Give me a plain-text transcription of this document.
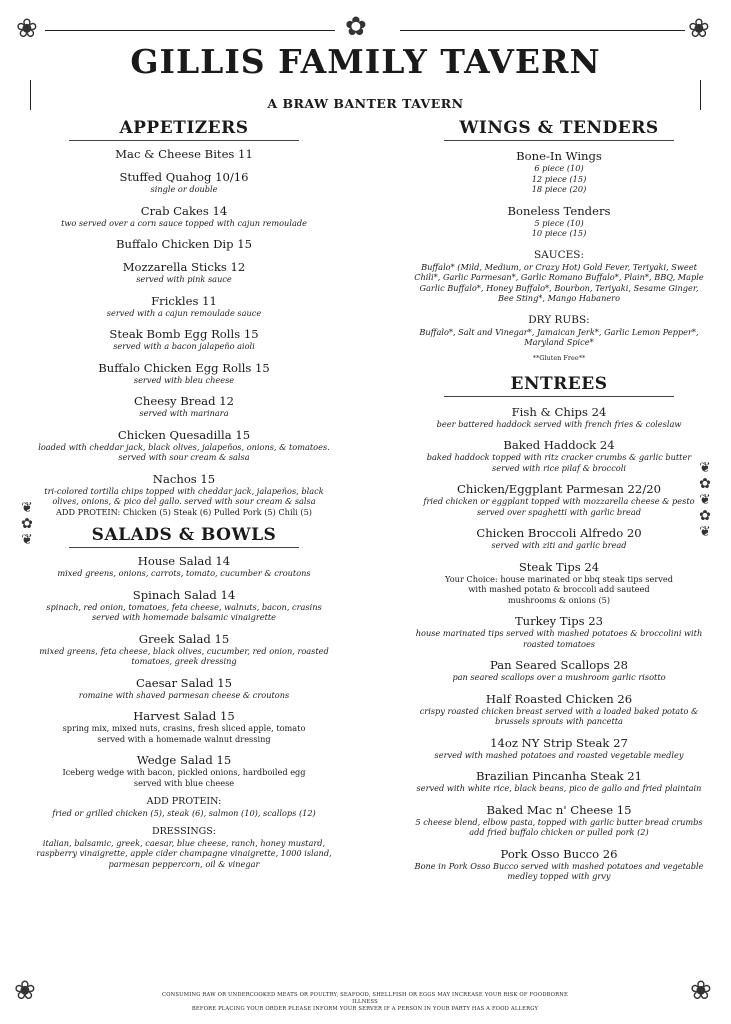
❀	✿	❀
❀	❀
❦
✿
❦
❦
✿
❦
✿
❦
GILLIS FAMILY TAVERN
A BRAW BANTER TAVERN
APPETIZERS
Mac & Cheese Bites 11
Stuffed Quahog 10/16
single or double
Crab Cakes 14
two served over a corn sauce topped with cajun remoulade
Buffalo Chicken Dip 15
Mozzarella Sticks 12
served with pink sauce
Frickles 11
served with a cajun remoulade sauce
Steak Bomb Egg Rolls 15
served with a bacon jalapeño aioli
Buffalo Chicken Egg Rolls 15
served with bleu cheese
Cheesy Bread 12
served with marinara
Chicken Quesadilla 15
loaded with cheddar jack, black olives, jalapeños, onions, & tomatoes. served with sour cream & salsa
Nachos 15
tri-colored tortilla chips topped with cheddar jack, jalapeños, black olives, onions, & pico del gallo. served with sour cream & salsa
ADD PROTEIN: Chicken (5) Steak (6) Pulled Pork (5) Chili (5)
SALADS & BOWLS
House Salad 14
mixed greens, onions, carrots, tomato, cucumber & croutons
Spinach Salad 14
spinach, red onion, tomatoes, feta cheese, walnuts, bacon, crasins served with homemade balsamic vinaigrette
Greek Salad 15
mixed greens, feta cheese, black olives, cucumber, red onion, roasted tomatoes, greek dressing
Caesar Salad 15
romaine with shaved parmesan cheese & croutons
Harvest Salad 15
spring mix, mixed nuts, crasins, fresh sliced apple, tomato served with a homemade walnut dressing
Wedge Salad 15
Iceberg wedge with bacon, pickled onions, hardboiled egg served with blue cheese
ADD PROTEIN:
fried or grilled chicken (5), steak (6), salmon (10), scallops (12)
DRESSINGS:
italian, balsamic, greek, caesar, blue cheese, ranch, honey mustard, raspberry vinaigrette, apple cider champagne vinaigrette, 1000 island, parmesan peppercorn, oil & vinegar
WINGS & TENDERS
Bone-In Wings
6 piece (10)
12 piece (15)
18 piece (20)
Boneless Tenders
5 piece (10)
10 piece (15)
SAUCES:
Buffalo* (Mild, Medium, or Crazy Hot) Gold Fever, Teriyaki, Sweet Chili*, Garlic Parmesan*, Garlic Romano Buffalo*, Plain*, BBQ, Maple Garlic Buffalo*, Honey Buffalo*, Bourbon, Teriyaki, Sesame Ginger, Bee Sting*, Mango Habanero
DRY RUBS:
Buffalo*, Salt and Vinegar*, Jamaican Jerk*, Garlic Lemon Pepper*, Maryland Spice*
**Gluten Free**
ENTREES
Fish & Chips 24
beer battered haddock served with french fries & coleslaw
Baked Haddock 24
baked haddock topped with ritz cracker crumbs & garlic butter served with rice pilaf & broccoli
Chicken/Eggplant Parmesan 22/20
fried chicken or eggplant topped with mozzarella cheese & pesto served over spaghetti with garlic bread
Chicken Broccoli Alfredo 20
served with ziti and garlic bread
Steak Tips 24
Your Choice: house marinated or bbq steak tips served with mashed potato & broccoli add sauteed mushrooms & onions (5)
Turkey Tips 23
house marinated tips served with mashed potatoes & broccolini with roasted tomatoes
Pan Seared Scallops 28
pan seared scallops over a mushroom garlic risotto
Half Roasted Chicken 26
crispy roasted chicken breast served with a loaded baked potato & brussels sprouts with pancetta
14oz NY Strip Steak 27
served with mashed potatoes and roasted vegetable medley
Brazilian Pincanha Steak 21
served with white rice, black beans, pico de gallo and fried plaintain
Baked Mac n' Cheese 15
5 cheese blend, elbow pasta, topped with garlic butter bread crumbs add fried buffalo chicken or pulled pork (2)
Pork Osso Bucco 26
Bone in Pork Osso Bucco served with mashed potatoes and vegetable medley topped with grvy
CONSUMING RAW OR UNDERCOOKED MEATS OR POULTRY, SEAFOOD, SHELLFISH OR EGGS MAY INCREASE YOUR RISK OF FOODBORNE ILLNESS
BEFORE PLACING YOUR ORDER PLEASE INFORM YOUR SERVER IF A PERSON IN YOUR PARTY HAS A FOOD ALLERGY
